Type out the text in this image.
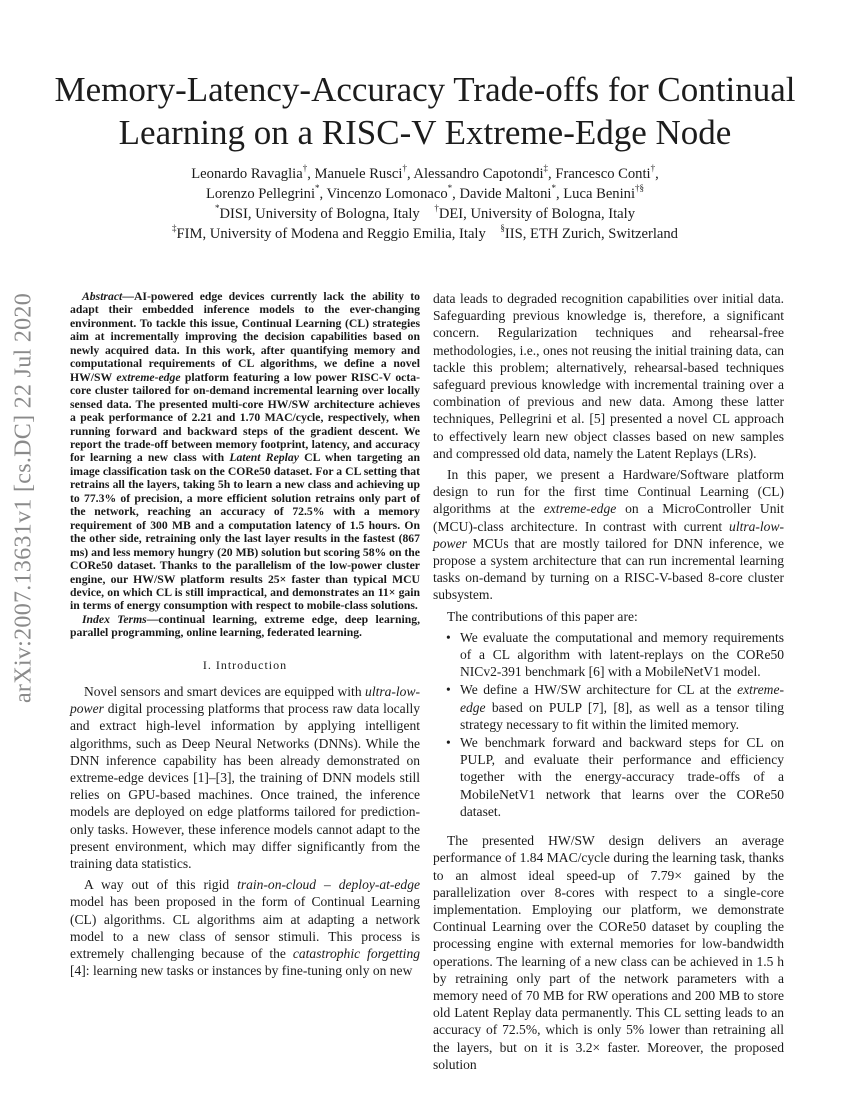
arXiv:2007.13631v1 [cs.DC] 22 Jul 2020
Memory-Latency-Accuracy Trade-offs for Continual
Learning on a RISC-V Extreme-Edge Node
Leonardo Ravaglia†, Manuele Rusci†, Alessandro Capotondi‡, Francesco Conti†,
Lorenzo Pellegrini*, Vincenzo Lomonaco*, Davide Maltoni*, Luca Benini†§
*DISI, University of Bologna, Italy    †DEI, University of Bologna, Italy
‡FIM, University of Modena and Reggio Emilia, Italy    §IIS, ETH Zurich, Switzerland

Abstract—AI-powered edge devices currently lack the ability to adapt their embedded inference models to the ever-changing environment. To tackle this issue, Continual Learning (CL) strategies aim at incrementally improving the decision capabilities based on newly acquired data. In this work, after quantifying memory and computational requirements of CL algorithms, we define a novel HW/SW extreme-edge platform featuring a low power RISC-V octa-core cluster tailored for on-demand incremental learning over locally sensed data. The presented multi-core HW/SW architecture achieves a peak performance of 2.21 and 1.70 MAC/cycle, respectively, when running forward and backward steps of the gradient descent. We report the trade-off between memory footprint, latency, and accuracy for learning a new class with Latent Replay CL when targeting an image classification task on the CORe50 dataset. For a CL setting that retrains all the layers, taking 5h to learn a new class and achieving up to 77.3% of precision, a more efficient solution retrains only part of the network, reaching an accuracy of 72.5% with a memory requirement of 300 MB and a computation latency of 1.5 hours. On the other side, retraining only the last layer results in the fastest (867 ms) and less memory hungry (20 MB) solution but scoring 58% on the CORe50 dataset. Thanks to the parallelism of the low-power cluster engine, our HW/SW platform results 25× faster than typical MCU device, on which CL is still impractical, and demonstrates an 11× gain in terms of energy consumption with respect to mobile-class solutions.

Index Terms—continual learning, extreme edge, deep learning, parallel programming, online learning, federated learning.

I. Introduction

Novel sensors and smart devices are equipped with ultra-low-power digital processing platforms that process raw data locally and extract high-level information by applying intelligent algorithms, such as Deep Neural Networks (DNNs). While the DNN inference capability has been already demonstrated on extreme-edge devices [1]–[3], the training of DNN models still relies on GPU-based machines. Once trained, the inference models are deployed on edge platforms tailored for prediction-only tasks. However, these inference models cannot adapt to the present environment, which may differ significantly from the training data statistics.

A way out of this rigid train-on-cloud – deploy-at-edge model has been proposed in the form of Continual Learning (CL) algorithms. CL algorithms aim at adapting a network model to a new class of sensor stimuli. This process is extremely challenging because of the catastrophic forgetting [4]: learning new tasks or instances by fine-tuning only on new

data leads to degraded recognition capabilities over initial data. Safeguarding previous knowledge is, therefore, a significant concern. Regularization techniques and rehearsal-free methodologies, i.e., ones not reusing the initial training data, can tackle this problem; alternatively, rehearsal-based techniques safeguard previous knowledge with incremental training over a combination of previous and new data. Among these latter techniques, Pellegrini et al. [5] presented a novel CL approach to effectively learn new object classes based on new samples and compressed old data, namely the Latent Replays (LRs).

In this paper, we present a Hardware/Software platform design to run for the first time Continual Learning (CL) algorithms at the extreme-edge on a MicroController Unit (MCU)-class architecture. In contrast with current ultra-low-power MCUs that are mostly tailored for DNN inference, we propose a system architecture that can run incremental learning tasks on-demand by turning on a RISC-V-based 8-core cluster subsystem.

The contributions of this paper are:

• We evaluate the computational and memory requirements of a CL algorithm with latent-replays on the CORe50 NICv2-391 benchmark [6] with a MobileNetV1 model.
• We define a HW/SW architecture for CL at the extreme-edge based on PULP [7], [8], as well as a tensor tiling strategy necessary to fit within the limited memory.
• We benchmark forward and backward steps for CL on PULP, and evaluate their performance and efficiency together with the energy-accuracy trade-offs of a MobileNetV1 network that learns over the CORe50 dataset.

The presented HW/SW design delivers an average performance of 1.84 MAC/cycle during the learning task, thanks to an almost ideal speed-up of 7.79× gained by the parallelization over 8-cores with respect to a single-core implementation. Employing our platform, we demonstrate Continual Learning over the CORe50 dataset by coupling the processing engine with external memories for low-bandwidth operations. The learning of a new class can be achieved in 1.5 h by retraining only part of the network parameters with a memory need of 70 MB for RW operations and 200 MB to store old Latent Replay data permanently. This CL setting leads to an accuracy of 72.5%, which is only 5% lower than retraining all the layers, but on it is 3.2× faster. Moreover, the proposed solution
